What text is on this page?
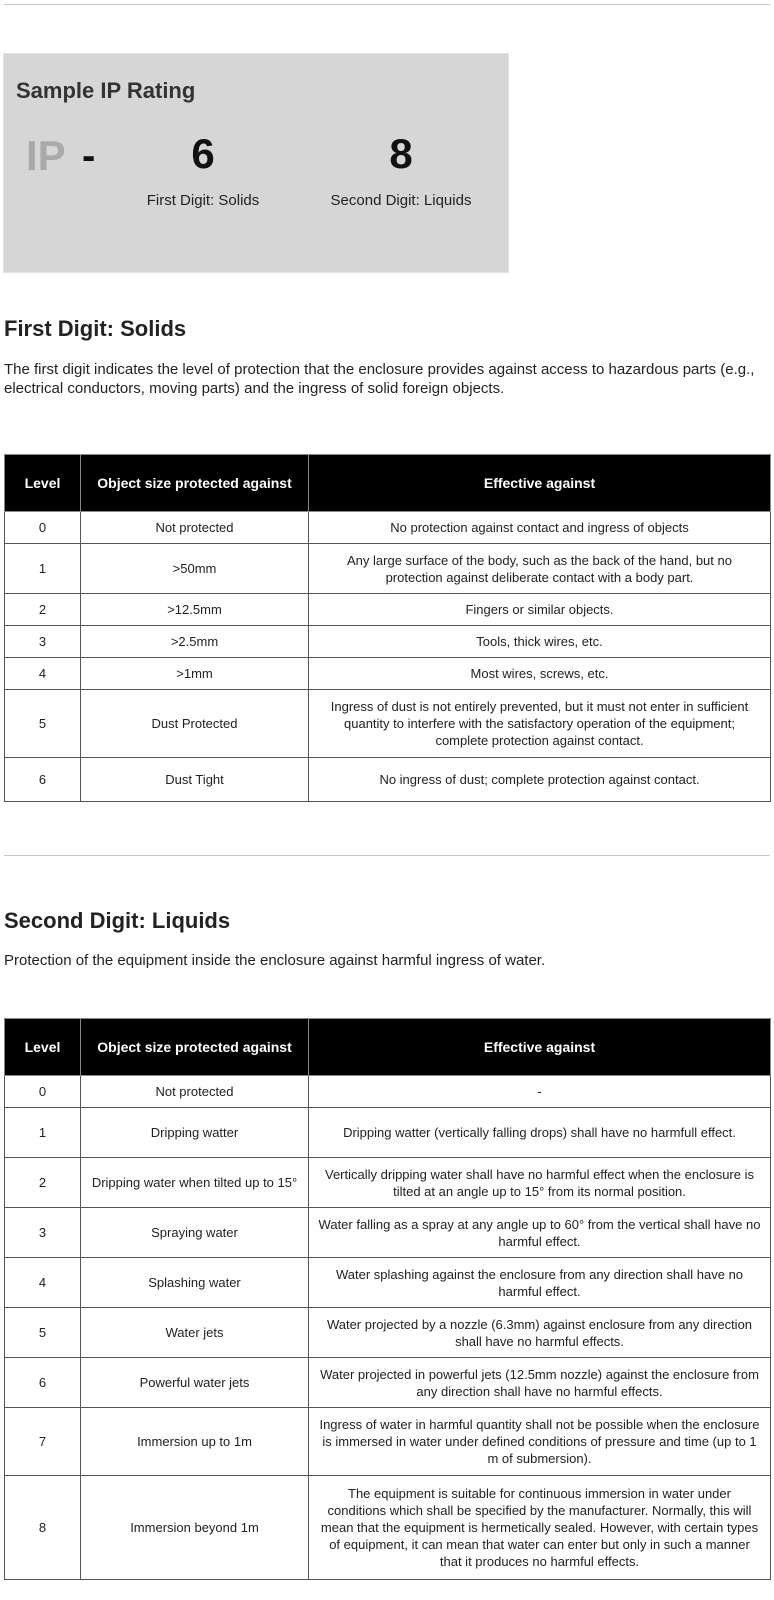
Sample IP Rating
IP -	6	8
First Digit: Solids	Second Digit: Liquids
First Digit: Solids
The first digit indicates the level of protection that the enclosure provides against access to hazardous parts (e.g., electrical conductors, moving parts) and the ingress of solid foreign objects.
Level	Object size protected against	Effective against
0	Not protected	No protection against contact and ingress of objects
1	>50mm	Any large surface of the body, such as the back of the hand, but no protection against deliberate contact with a body part.
2	>12.5mm	Fingers or similar objects.
3	>2.5mm	Tools, thick wires, etc.
4	>1mm	Most wires, screws, etc.
5	Dust Protected	Ingress of dust is not entirely prevented, but it must not enter in sufficient quantity to interfere with the satisfactory operation of the equipment; complete protection against contact.
6	Dust Tight	No ingress of dust; complete protection against contact.
Second Digit: Liquids
Protection of the equipment inside the enclosure against harmful ingress of water.
Level	Object size protected against	Effective against
0	Not protected	-
1	Dripping watter	Dripping watter (vertically falling drops) shall have no harmfull effect.
2	Dripping water when tilted up to 15°	Vertically dripping water shall have no harmful effect when the enclosure is tilted at an angle up to 15° from its normal position.
3	Spraying water	Water falling as a spray at any angle up to 60° from the vertical shall have no harmful effect.
4	Splashing water	Water splashing against the enclosure from any direction shall have no harmful effect.
5	Water jets	Water projected by a nozzle (6.3mm) against enclosure from any direction shall have no harmful effects.
6	Powerful water jets	Water projected in powerful jets (12.5mm nozzle) against the enclosure from any direction shall have no harmful effects.
7	Immersion up to 1m	Ingress of water in harmful quantity shall not be possible when the enclosure is immersed in water under defined conditions of pressure and time (up to 1 m of submersion).
8	Immersion beyond 1m	The equipment is suitable for continuous immersion in water under conditions which shall be specified by the manufacturer. Normally, this will mean that the equipment is hermetically sealed. However, with certain types of equipment, it can mean that water can enter but only in such a manner that it produces no harmful effects.
